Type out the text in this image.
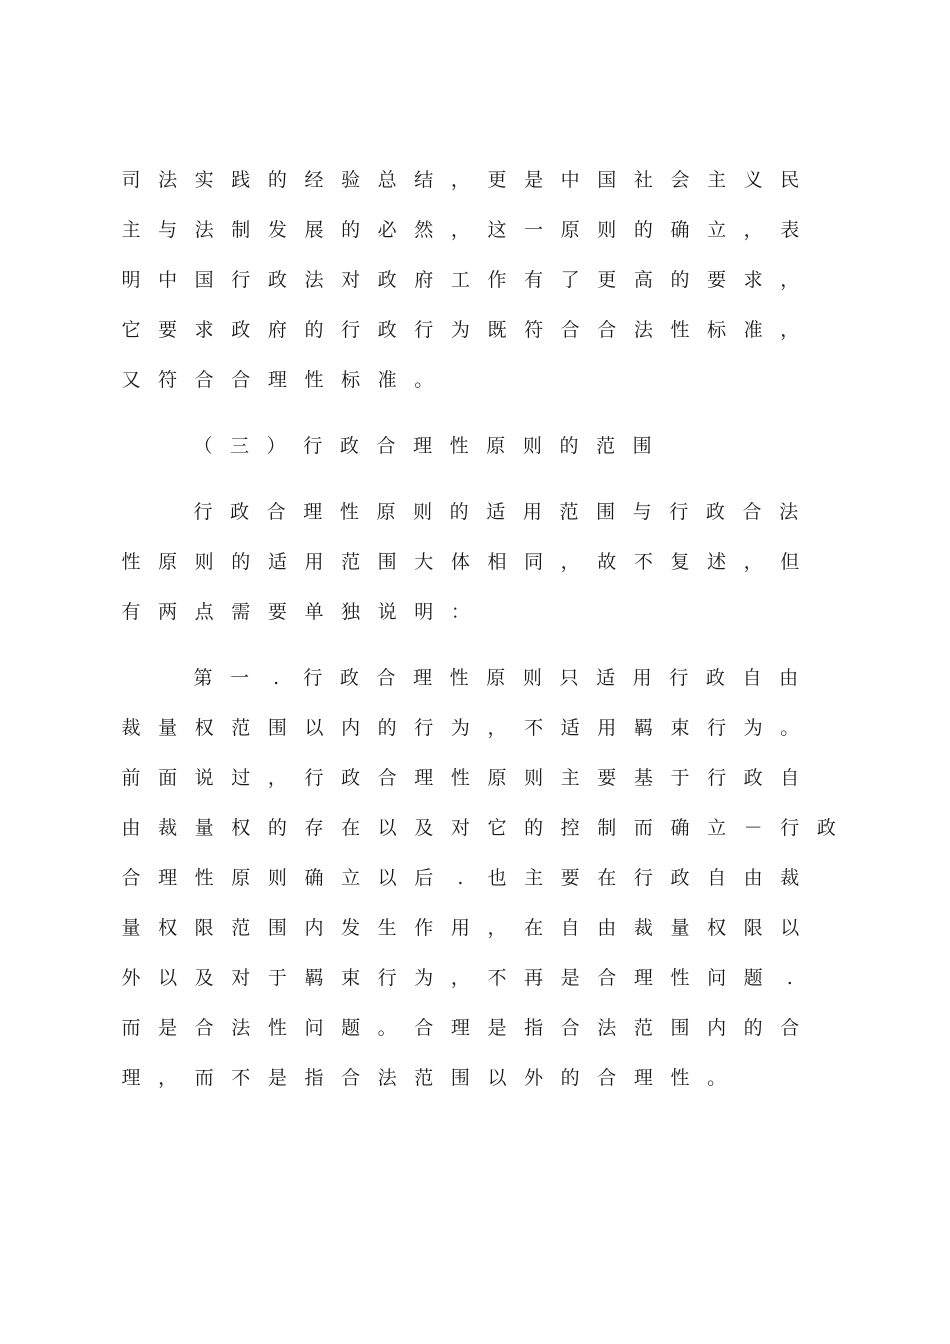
司 法 实 践 的 经 验 总 结 ， 更 是 中 国 社 会 主 义 民
主 与 法 制 发 展 的 必 然 ， 这 一 原 则 的 确 立 ， 表
明 中 国 行 政 法 对 政 府 工 作 有 了 更 高 的 要 求 ，
它 要 求 政 府 的 行 政 行 为 既 符 合 合 法 性 标 准 ，
又 符 合 合 理 性 标 准 。
（ 三 ） 行 政 合 理 性 原 则 的 范 围
行 政 合 理 性 原 则 的 适 用 范 围 与 行 政 合 法
性 原 则 的 适 用 范 围 大 体 相 同 ， 故 不 复 述 ， 但
有 两 点 需 要 单 独 说 明 ：
第 一	.	行 政 合 理 性 原 则 只 适 用 行 政 自 由
裁 量 权 范 围 以 内 的 行 为 ， 不 适 用 羁 束 行 为 。
前 面 说 过 ， 行 政 合 理 性 原 则 主 要 基 于 行 政 自
由 裁 量 权 的 存 在 以 及 对 它 的 控 制 而 确 立 － 行 政
合 理 性 原 则 确 立 以 后	.	也 主 要 在 行 政 自 由 裁
量 权 限 范 围 内 发 生 作 用 ， 在 自 由 裁 量 权 限 以
外 以 及 对 于 羁 束 行 为 ， 不 再 是 合 理 性 问 题	.
而 是 合 法 性 问 题 。 合 理 是 指 合 法 范 围 内 的 合
理 ， 而 不 是 指 合 法 范 围 以 外 的 合 理 性 。
